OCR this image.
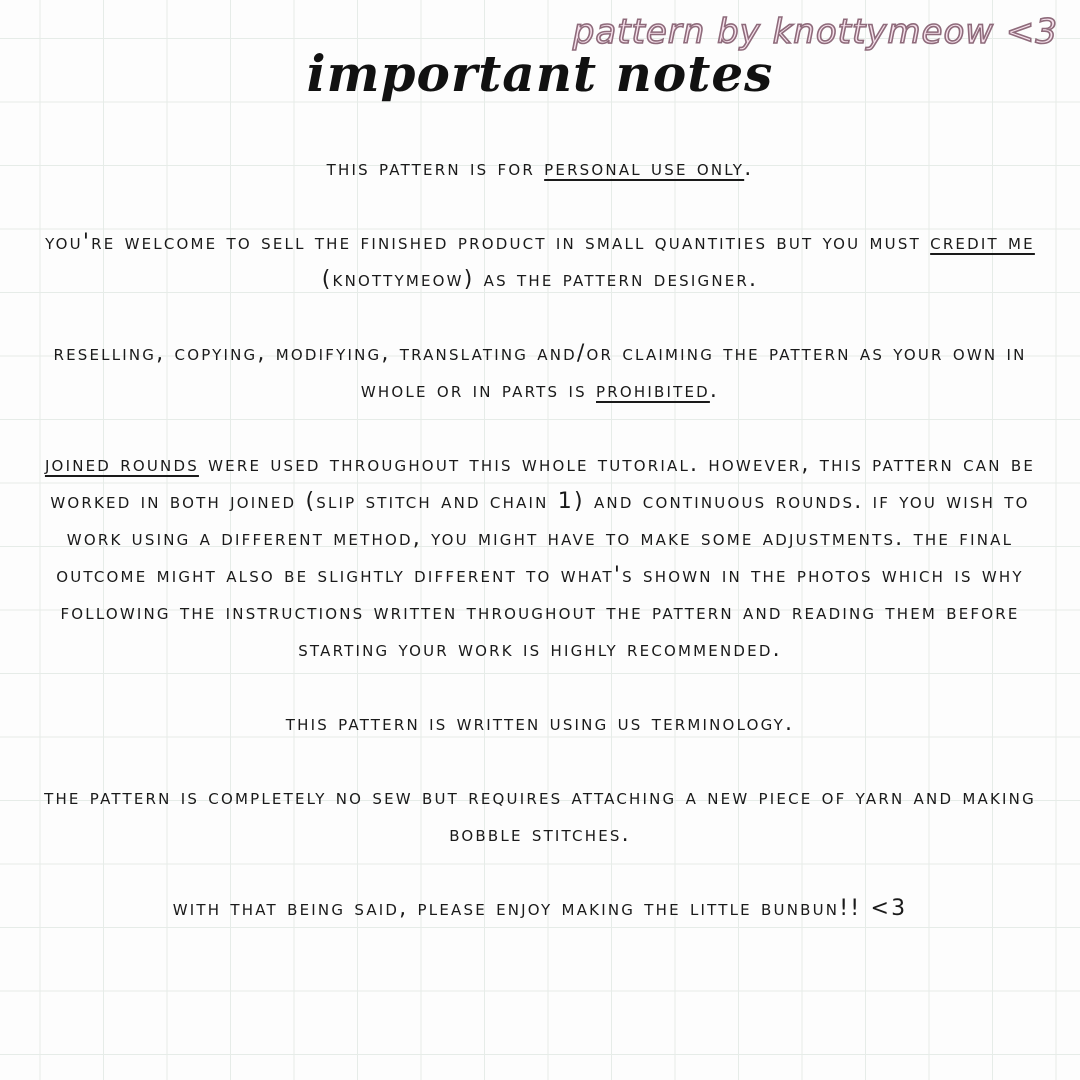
pattern by knottymeow <3
important notes

this pattern is for personal use only.

you're welcome to sell the finished product in small quantities but you must credit me (knottymeow) as the pattern designer.

reselling, copying, modifying, translating and/or claiming the pattern as your own in whole or in parts is prohibited.

joined rounds were used throughout this whole tutorial. however, this pattern can be worked in both joined (slip stitch and chain 1) and continuous rounds. if you wish to work using a different method, you might have to make some adjustments. the final outcome might also be slightly different to what's shown in the photos which is why following the instructions written throughout the pattern and reading them before starting your work is highly recommended.

this pattern is written using us terminology.

the pattern is completely no sew but requires attaching a new piece of yarn and making bobble stitches.

with that being said, please enjoy making the little bunbun!! <3
